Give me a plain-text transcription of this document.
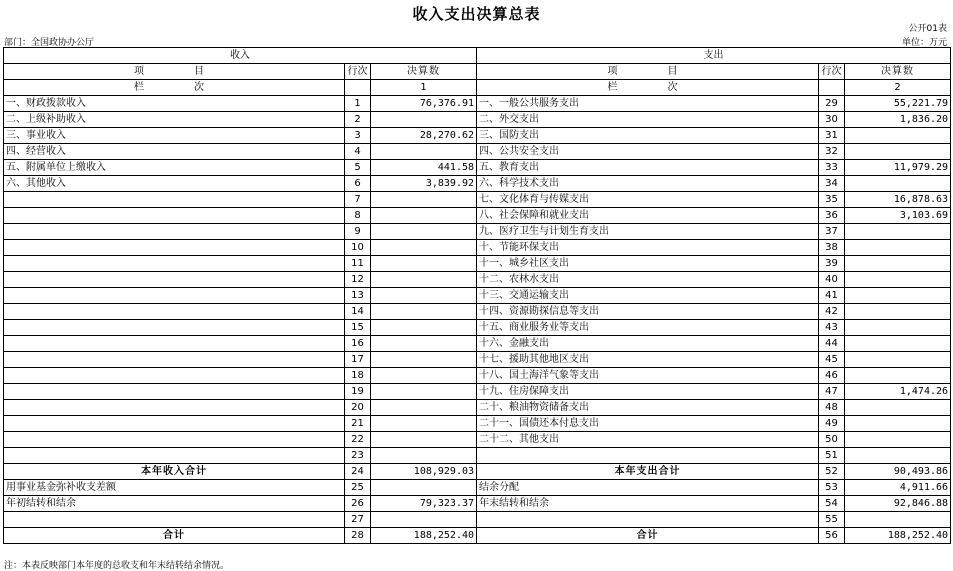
收入支出决算总表
公开01表
部门：全国政协办公厅	单位：万元
收入			支出		
项　　目	行次	决算数	项　　目	行次	决算数
栏　　次		1	栏　　次		2
一、财政拨款收入	1	76,376.91	一、一般公共服务支出	29	55,221.79
二、上级补助收入	2		二、外交支出	30	1,836.20
三、事业收入	3	28,270.62	三、国防支出	31	
四、经营收入	4		四、公共安全支出	32	
五、附属单位上缴收入	5	441.58	五、教育支出	33	11,979.29
六、其他收入	6	3,839.92	六、科学技术支出	34	
	7		七、文化体育与传媒支出	35	16,878.63
	8		八、社会保障和就业支出	36	3,103.69
	9		九、医疗卫生与计划生育支出	37	
	10		十、节能环保支出	38	
	11		十一、城乡社区支出	39	
	12		十二、农林水支出	40	
	13		十三、交通运输支出	41	
	14		十四、资源勘探信息等支出	42	
	15		十五、商业服务业等支出	43	
	16		十六、金融支出	44	
	17		十七、援助其他地区支出	45	
	18		十八、国土海洋气象等支出	46	
	19		十九、住房保障支出	47	1,474.26
	20		二十、粮油物资储备支出	48	
	21		二十一、国债还本付息支出	49	
	22		二十二、其他支出	50	
	23			51	
本年收入合计	24	108,929.03	本年支出合计	52	90,493.86
用事业基金弥补收支差额	25		结余分配	53	4,911.66
年初结转和结余	26	79,323.37	年末结转和结余	54	92,846.88
	27			55	
合计	28	188,252.40	合计	56	188,252.40
注：本表反映部门本年度的总收支和年末结转结余情况。
